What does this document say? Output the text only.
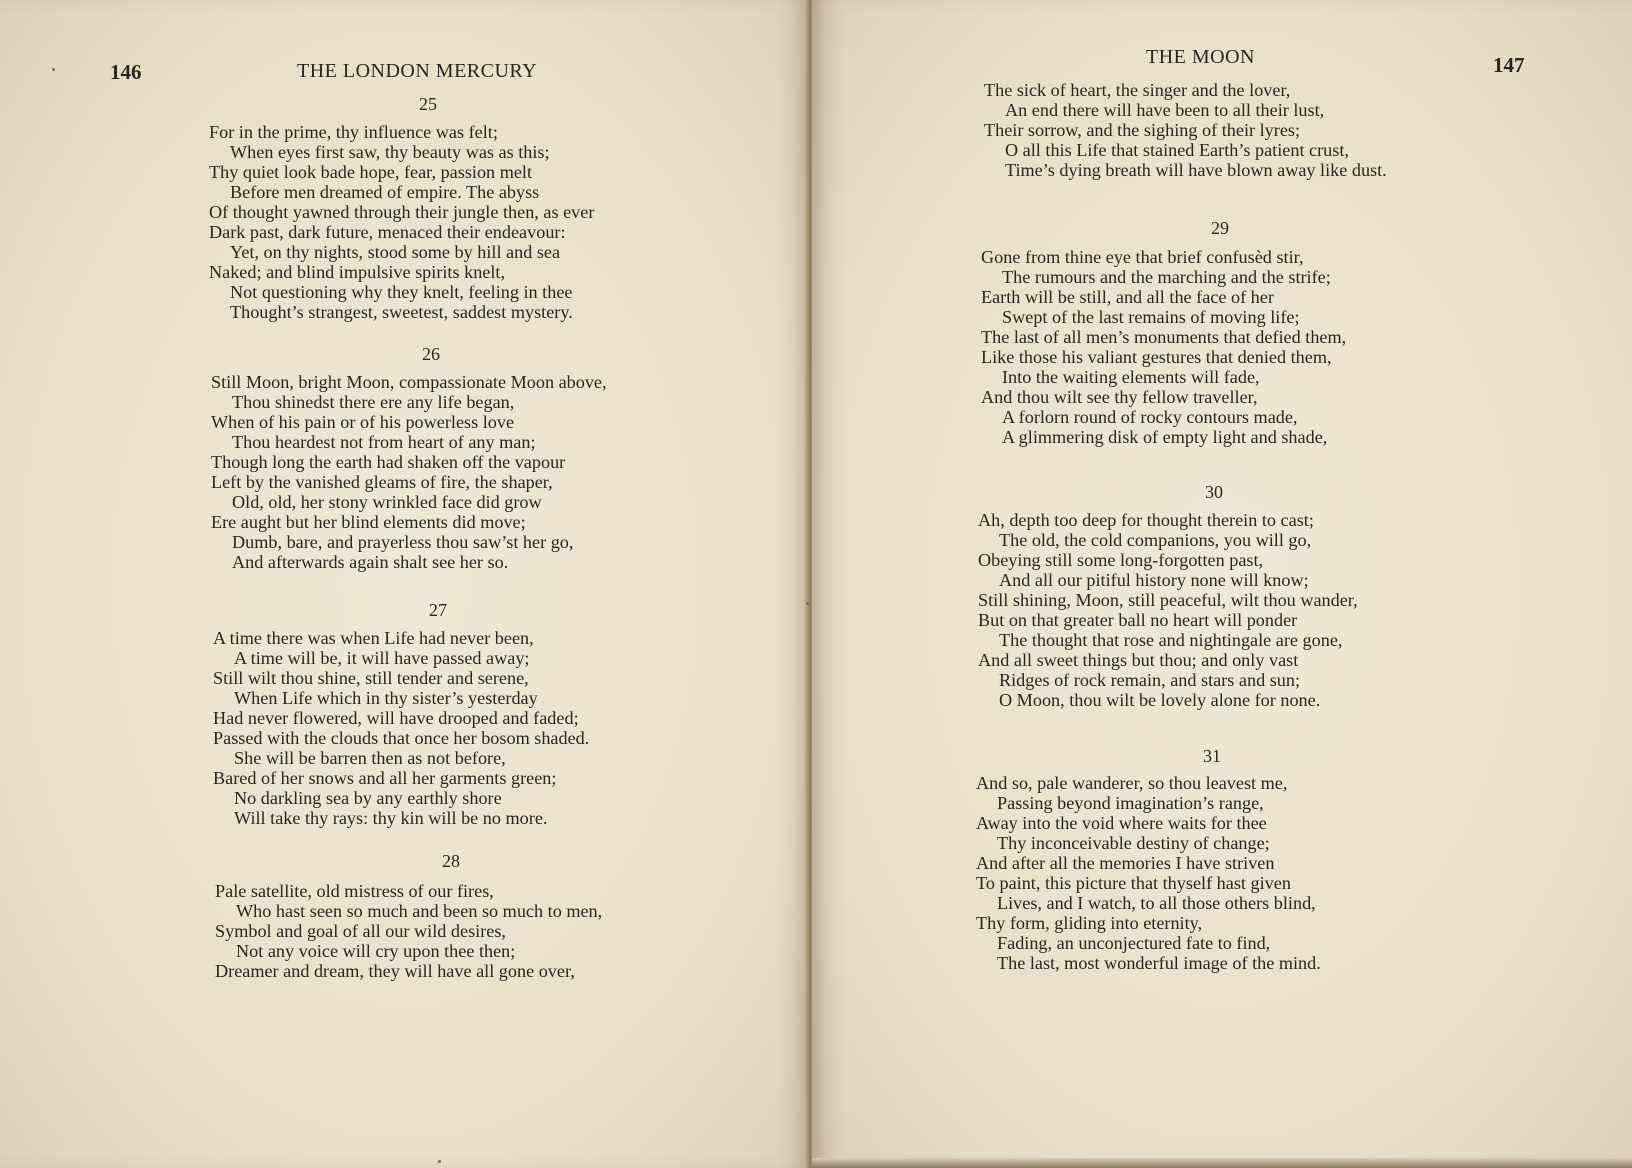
146	THE LONDON MERCURY
25
For in the prime, thy influence was felt;
When eyes first saw, thy beauty was as this;
Thy quiet look bade hope, fear, passion melt
Before men dreamed of empire. The abyss
Of thought yawned through their jungle then, as ever
Dark past, dark future, menaced their endeavour:
Yet, on thy nights, stood some by hill and sea
Naked; and blind impulsive spirits knelt,
Not questioning why they knelt, feeling in thee
Thought’s strangest, sweetest, saddest mystery.
26
Still Moon, bright Moon, compassionate Moon above,
Thou shinedst there ere any life began,
When of his pain or of his powerless love
Thou heardest not from heart of any man;
Though long the earth had shaken off the vapour
Left by the vanished gleams of fire, the shaper,
Old, old, her stony wrinkled face did grow
Ere aught but her blind elements did move;
Dumb, bare, and prayerless thou saw’st her go,
And afterwards again shalt see her so.
27
A time there was when Life had never been,
A time will be, it will have passed away;
Still wilt thou shine, still tender and serene,
When Life which in thy sister’s yesterday
Had never flowered, will have drooped and faded;
Passed with the clouds that once her bosom shaded.
She will be barren then as not before,
Bared of her snows and all her garments green;
No darkling sea by any earthly shore
Will take thy rays: thy kin will be no more.
28
Pale satellite, old mistress of our fires,
Who hast seen so much and been so much to men,
Symbol and goal of all our wild desires,
Not any voice will cry upon thee then;
Dreamer and dream, they will have all gone over,
THE MOON	147
The sick of heart, the singer and the lover,
An end there will have been to all their lust,
Their sorrow, and the sighing of their lyres;
O all this Life that stained Earth’s patient crust,
Time’s dying breath will have blown away like dust.
29
Gone from thine eye that brief confusèd stir,
The rumours and the marching and the strife;
Earth will be still, and all the face of her
Swept of the last remains of moving life;
The last of all men’s monuments that defied them,
Like those his valiant gestures that denied them,
Into the waiting elements will fade,
And thou wilt see thy fellow traveller,
A forlorn round of rocky contours made,
A glimmering disk of empty light and shade,
30
Ah, depth too deep for thought therein to cast;
The old, the cold companions, you will go,
Obeying still some long-forgotten past,
And all our pitiful history none will know;
Still shining, Moon, still peaceful, wilt thou wander,
But on that greater ball no heart will ponder
The thought that rose and nightingale are gone,
And all sweet things but thou; and only vast
Ridges of rock remain, and stars and sun;
O Moon, thou wilt be lovely alone for none.
31
And so, pale wanderer, so thou leavest me,
Passing beyond imagination’s range,
Away into the void where waits for thee
Thy inconceivable destiny of change;
And after all the memories I have striven
To paint, this picture that thyself hast given
Lives, and I watch, to all those others blind,
Thy form, gliding into eternity,
Fading, an unconjectured fate to find,
The last, most wonderful image of the mind.
